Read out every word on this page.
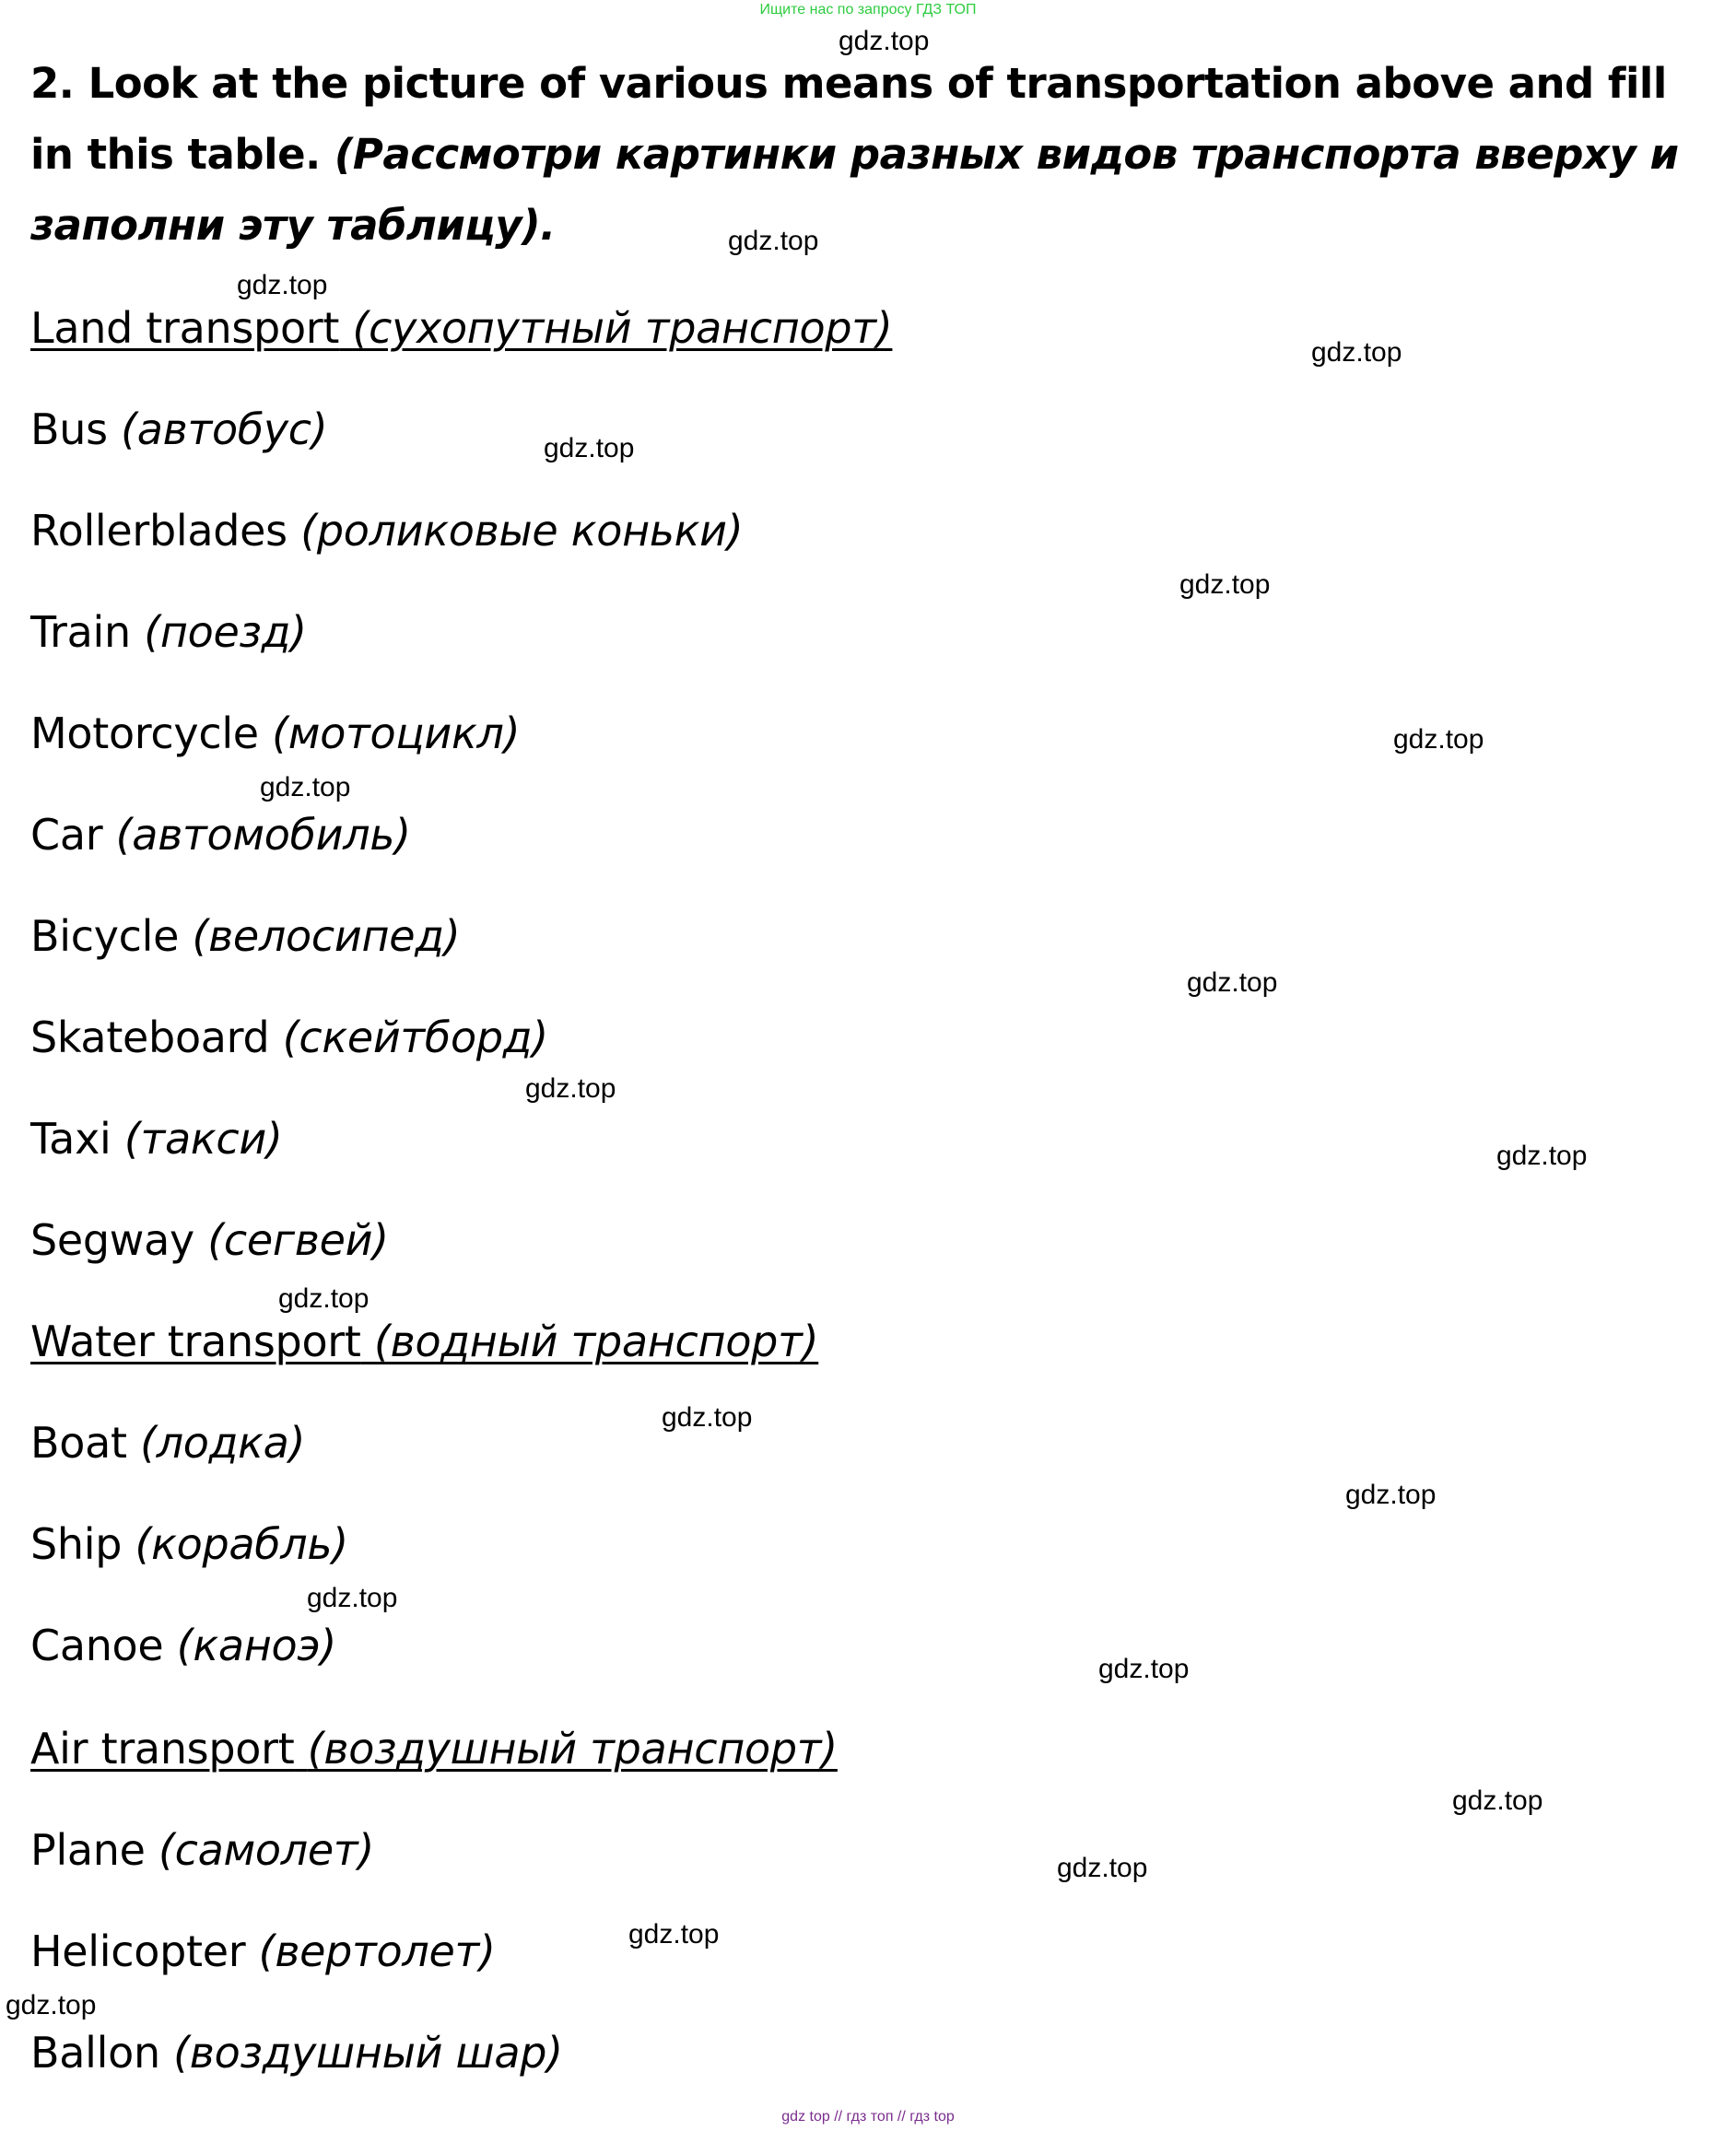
Ищите нас по запросу ГДЗ ТОП
2. Look at the picture of various means of transportation above and fill in this table. (Рассмотри картинки разных видов транспорта вверху и заполни эту таблицу).
Land transport (сухопутный транспорт)
Bus (автобус)
Rollerblades (роликовые коньки)
Train (поезд)
Motorcycle (мотоцикл)
Car (автомобиль)
Bicycle (велосипед)
Skateboard (скейтборд)
Taxi (такси)
Segway (сегвей)
Water transport (водный транспорт)
Boat (лодка)
Ship (корабль)
Canoe (каноэ)
Air transport (воздушный транспорт)
Plane (самолет)
Helicopter (вертолет)
Ballon (воздушный шар)
gdz.top
gdz.top
gdz.top
gdz.top
gdz.top
gdz.top
gdz.top
gdz.top
gdz.top
gdz.top
gdz.top
gdz.top
gdz.top
gdz.top
gdz.top
gdz.top
gdz.top
gdz.top
gdz.top
gdz.top
gdz top // гдз топ // гдз top
